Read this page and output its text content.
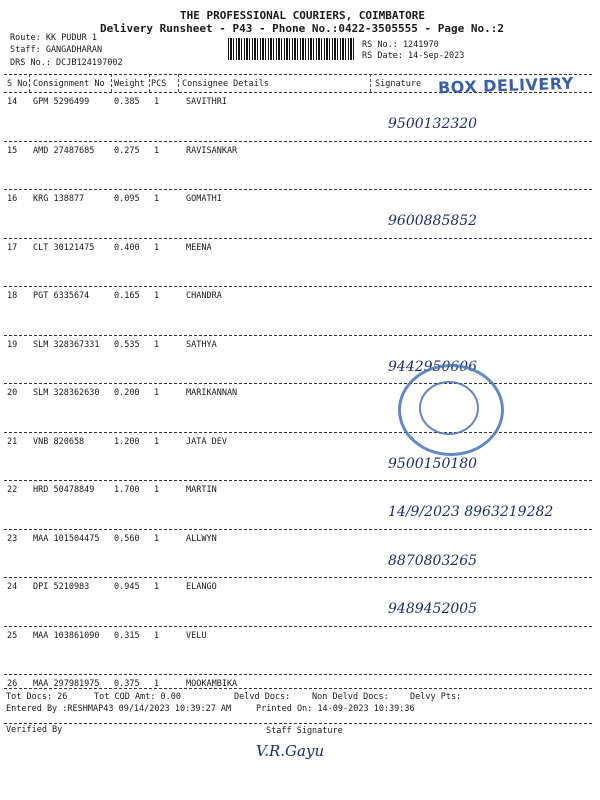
THE PROFESSIONAL COURIERS, COIMBATORE
Delivery Runsheet - P43 - Phone No.:0422-3505555 - Page No.:2
Route: KK PUDUR 1
Staff: GANGADHARAN
DRS No.: DCJB124197002
RS No.: 1241970
RS Date: 14-Sep-2023
S No Consignment No Weight PCS Consignee Details	Signature BOX DELIVERY
14 GPM 5296499	0.385 1	SAVITHRI
9500132320
15 AMD 27487685 0.275 1	RAVISANKAR
16 KRG 138877	0.095 1	GOMATHI
9600885852
17 CLT 30121475 0.400 1	MEENA
18 PGT 6335674	0.165 1	CHANDRA
19 SLM 328367331 0.535 1	SATHYA
9442950606
20 SLM 328362630 0.200 1	MARIKANNAN
21 VNB 820658	1.200 1	JATA DEV
9500150180
22 HRD 50478849 1.700 1	MARTIN
14/9/2023 8963219282
23 MAA 101504475 0.560 1	ALLWYN
8870803265
24 DPI 5210983	0.945 1	ELANGO
9489452005
25 MAA 103861090 0.315 1	VELU
26 MAA 297981975 0.375 1	MOOKAMBIKA
Tot Docs: 26	Tot COD Amt: 0.00	Delvd Docs:	Non Delvd Docs: Delvy Pts:
Entered By :RESHMAP43 09/14/2023 10:39:27 AM	Printed On: 14-09-2023 10:39:36
Verified By	Staff Signature
V.R.Gayu
